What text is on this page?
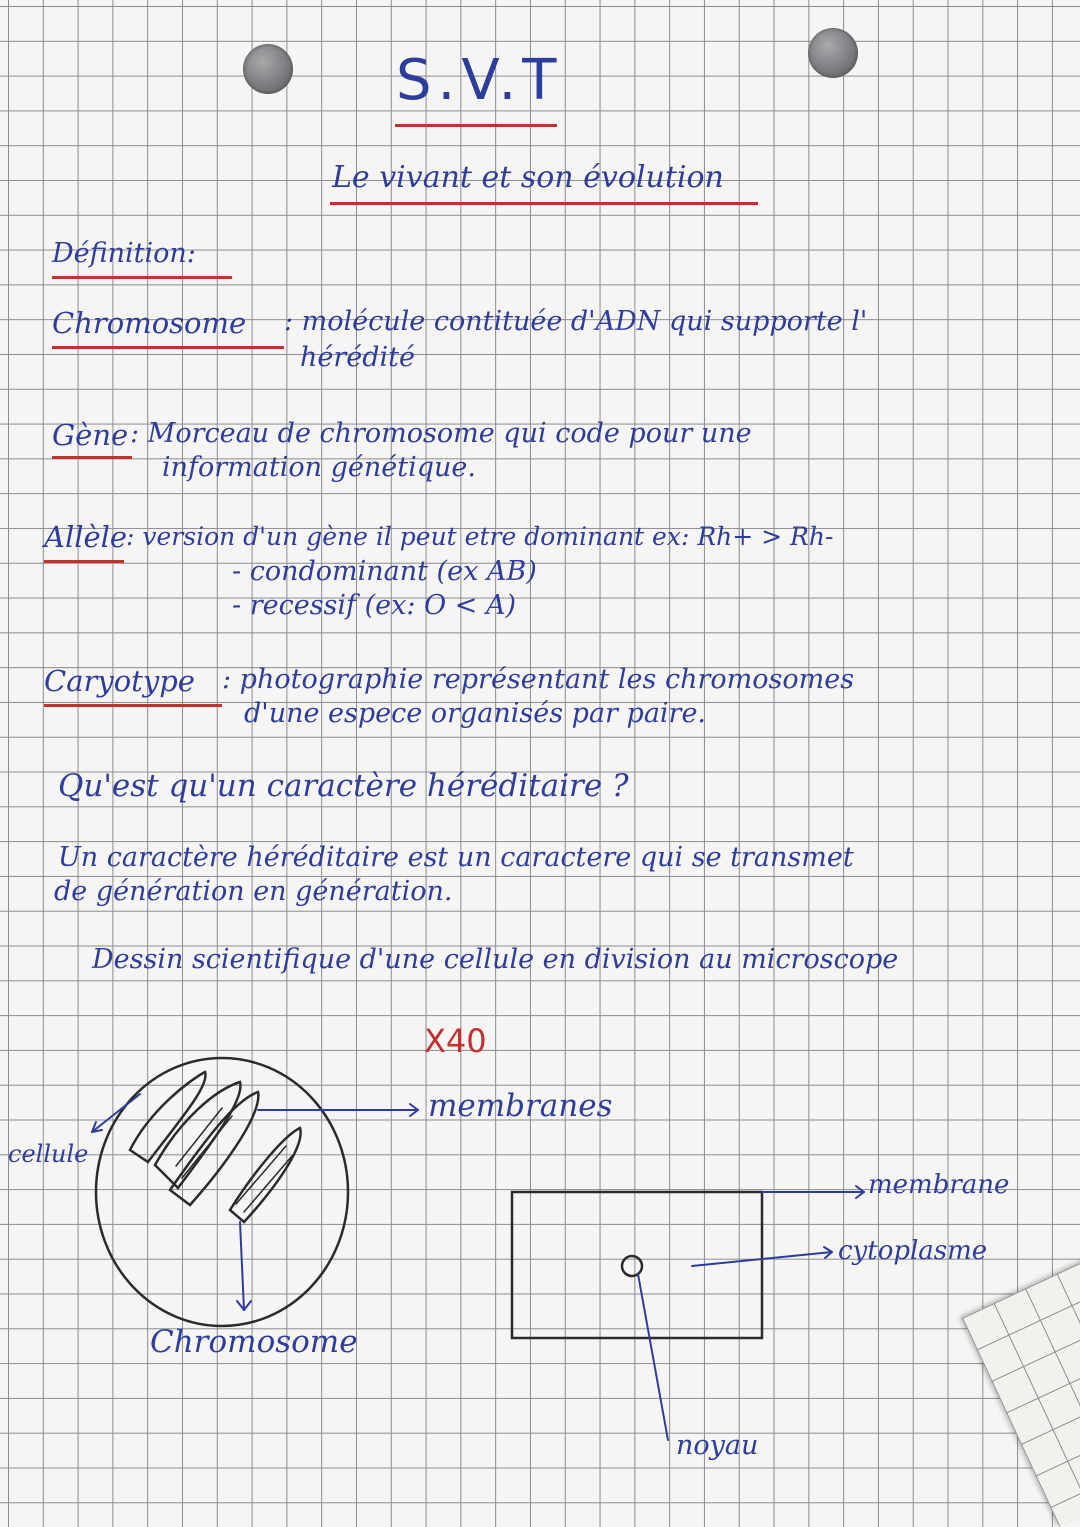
S.V.T
Le vivant et son évolution
Définition:
Chromosome : molécule contituée d'ADN qui supporte l'
hérédité
Gène : Morceau de chromosome qui code pour une
information génétique.
Allèle
: version d'un gène il peut etre dominant ex: Rh+ > Rh-
- condominant (ex AB)
- recessif (ex: O < A)
Caryotype : photographie représentant les chromosomes
d'une espece organisés par paire.
Qu'est qu'un caractère héréditaire ?
Un caractère héréditaire est un caractere qui se transmet
de génération en génération.
Dessin scientifique d'une cellule en division au microscope
X40
cellule
membranes
Chromosome
membrane
cytoplasme
noyau
